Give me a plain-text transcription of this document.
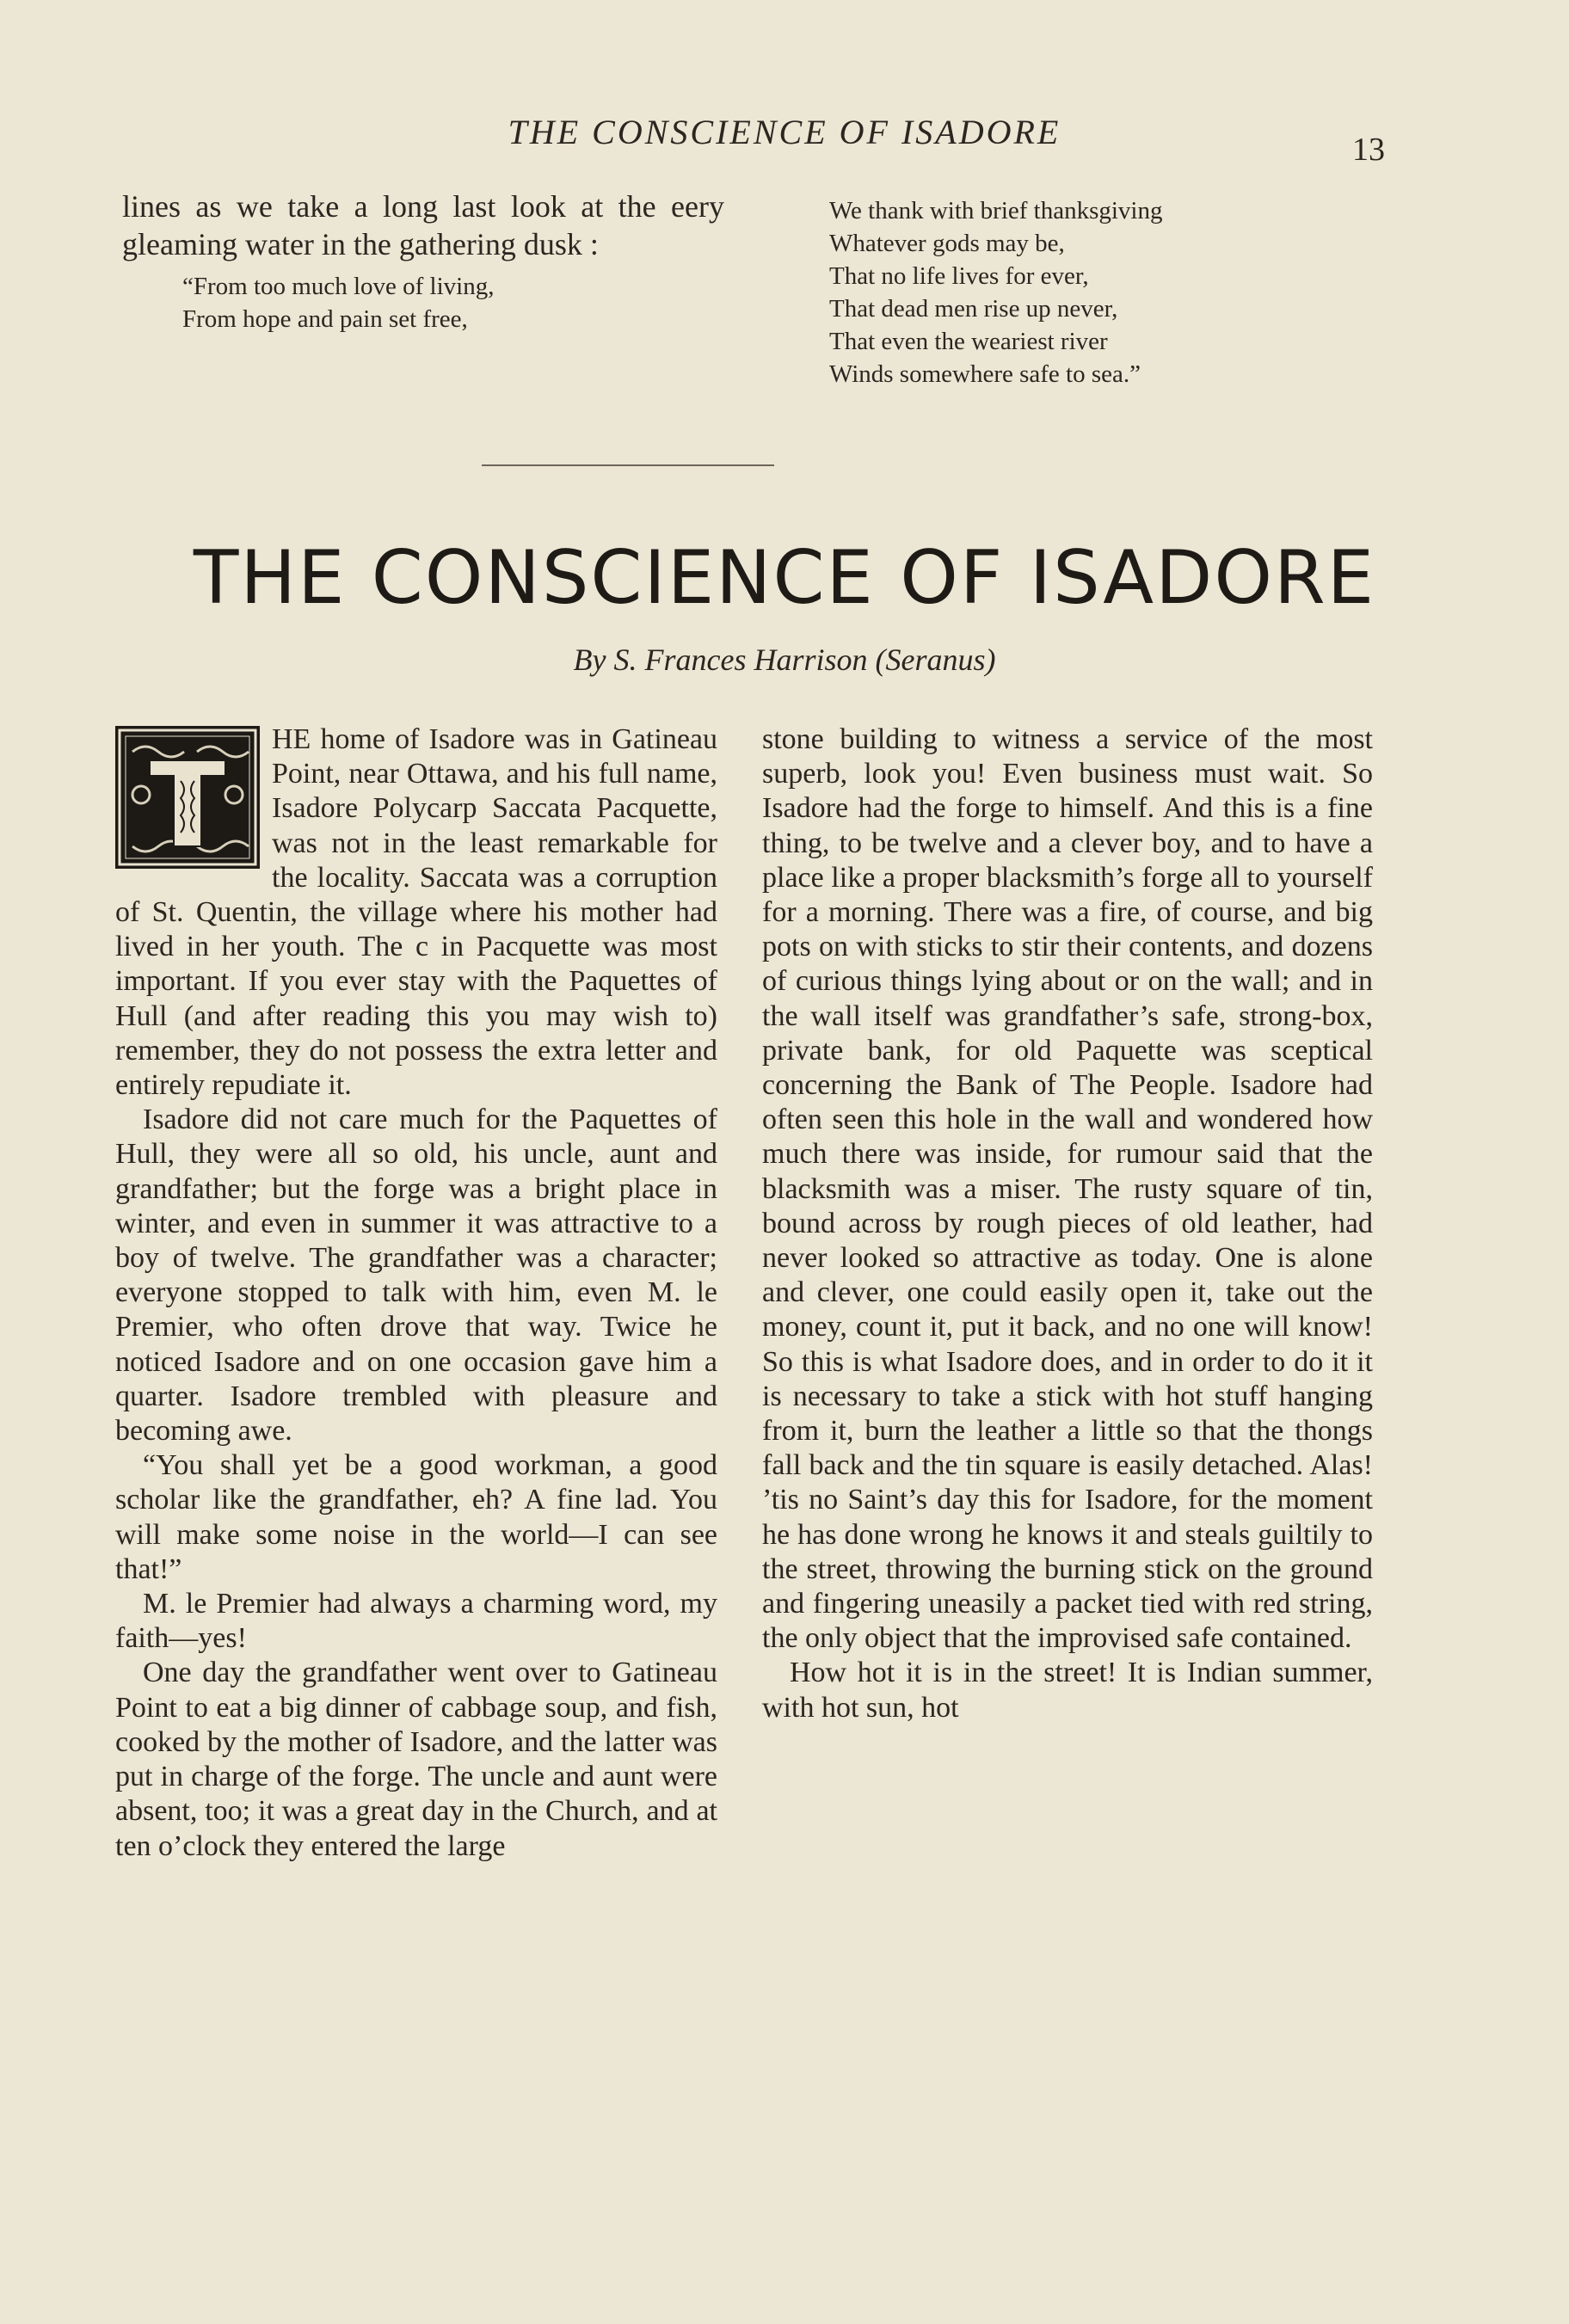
THE CONSCIENCE OF ISADORE	13

lines as we take a long last look at the eery gleaming water in the gathering dusk :

“From too much love of living,
From hope and pain set free,
We thank with brief thanksgiving
Whatever gods may be,
That no life lives for ever,
That dead men rise up never,
That even the weariest river
Winds somewhere safe to sea.”
THE CONSCIENCE OF ISADORE
By S. Frances Harrison (Seranus)

HE home of Isadore was in Gatineau Point, near Ottawa, and his full name, Isadore Polycarp Saccata Pacquette, was not in the least remarkable for the locality. Saccata was a corruption of St. Quentin, the village where his mother had lived in her youth. The c in Pacquette was most important. If you ever stay with the Paquettes of Hull (and after reading this you may wish to) remember, they do not possess the extra letter and entirely repudiate it.

Isadore did not care much for the Paquettes of Hull, they were all so old, his uncle, aunt and grandfather; but the forge was a bright place in winter, and even in summer it was attractive to a boy of twelve. The grandfather was a character; everyone stopped to talk with him, even M. le Premier, who often drove that way. Twice he noticed Isadore and on one occasion gave him a quarter. Isadore trembled with pleasure and becoming awe.

“You shall yet be a good workman, a good scholar like the grandfather, eh? A fine lad. You will make some noise in the world—I can see that!”

M. le Premier had always a charming word, my faith—yes!

One day the grandfather went over to Gatineau Point to eat a big dinner of cabbage soup, and fish, cooked by the mother of Isadore, and the latter was put in charge of the forge. The uncle and aunt were absent, too; it was a great day in the Church, and at ten o’clock they entered the large

stone building to witness a service of the most superb, look you! Even business must wait. So Isadore had the forge to himself. And this is a fine thing, to be twelve and a clever boy, and to have a place like a proper blacksmith’s forge all to yourself for a morning. There was a fire, of course, and big pots on with sticks to stir their contents, and dozens of curious things lying about or on the wall; and in the wall itself was grandfather’s safe, strong-box, private bank, for old Paquette was sceptical concerning the Bank of The People. Isadore had often seen this hole in the wall and wondered how much there was inside, for rumour said that the blacksmith was a miser. The rusty square of tin, bound across by rough pieces of old leather, had never looked so attractive as today. One is alone and clever, one could easily open it, take out the money, count it, put it back, and no one will know! So this is what Isadore does, and in order to do it it is necessary to take a stick with hot stuff hanging from it, burn the leather a little so that the thongs fall back and the tin square is easily detached. Alas! ’tis no Saint’s day this for Isadore, for the moment he has done wrong he knows it and steals guiltily to the street, throwing the burning stick on the ground and fingering uneasily a packet tied with red string, the only object that the improvised safe contained.

How hot it is in the street! It is Indian summer, with hot sun, hot
